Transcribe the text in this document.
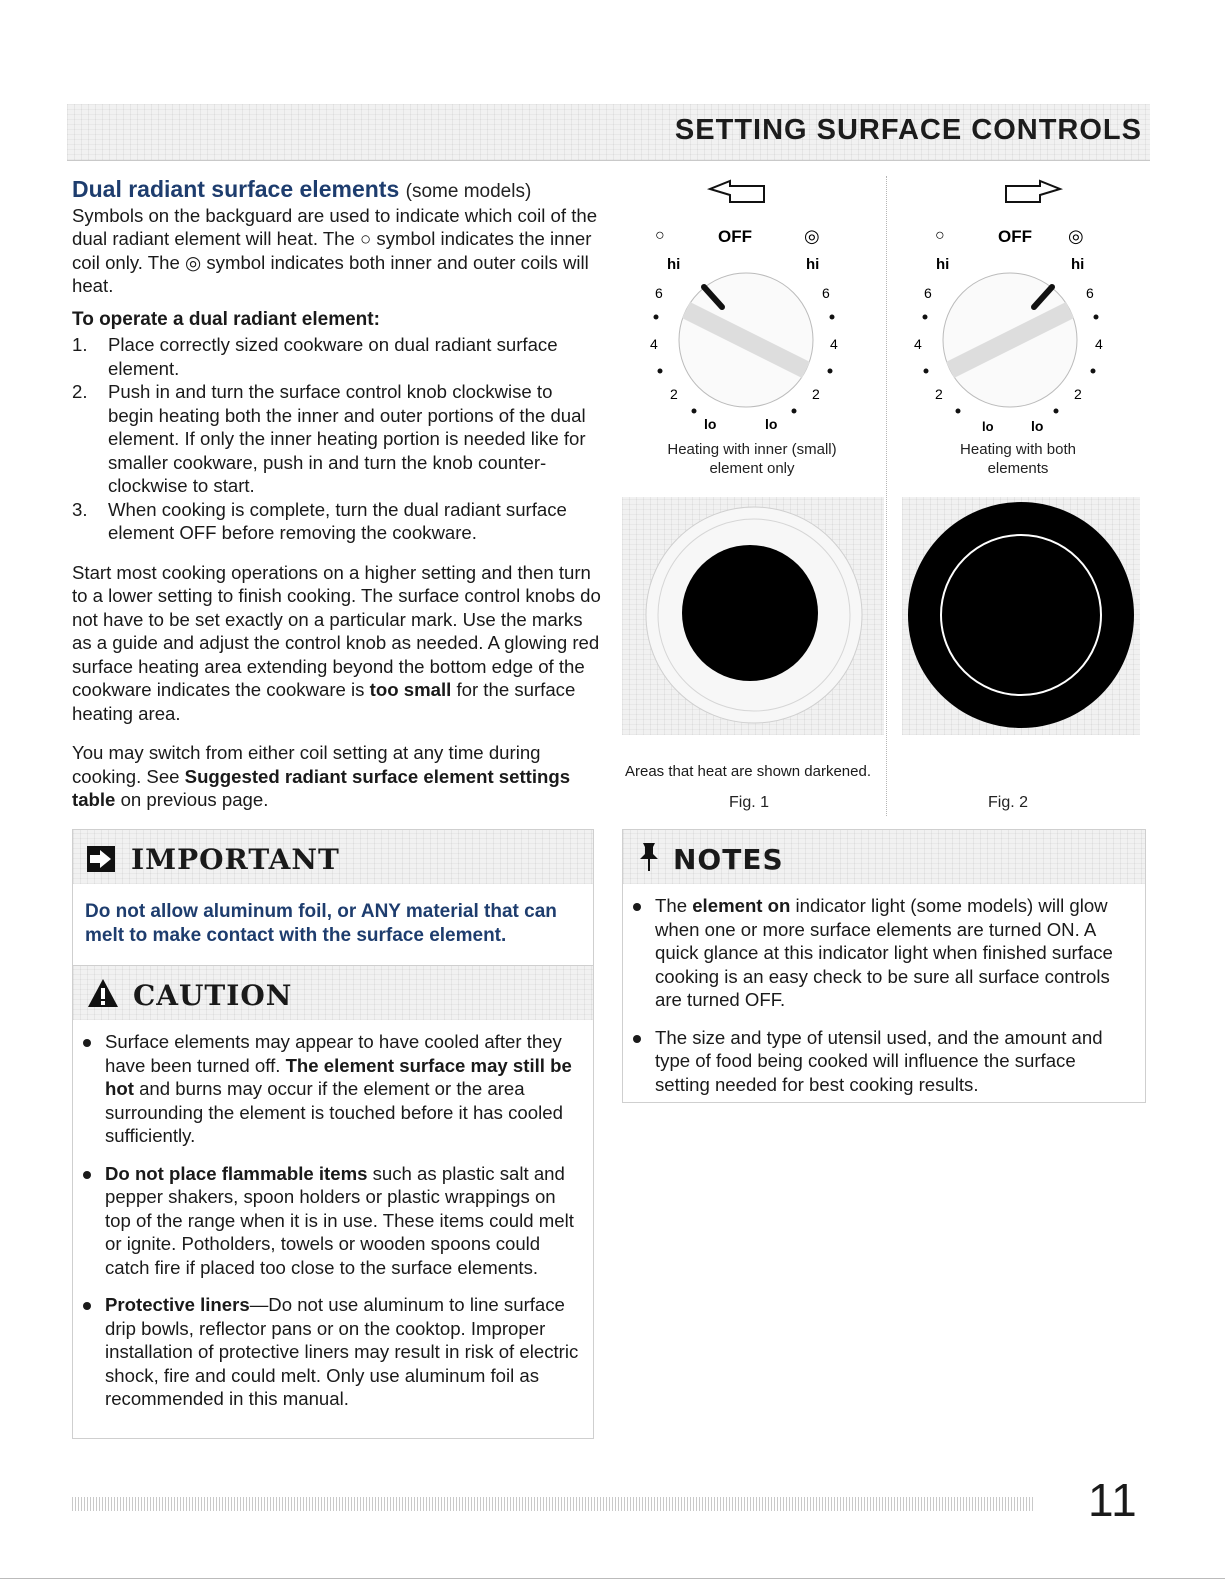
SETTING SURFACE CONTROLS

Dual radiant surface elements (some models)

Symbols on the backguard are used to indicate which coil of the dual radiant element will heat. The ○ symbol indicates the inner coil only. The ◎ symbol indicates both inner and outer coils will heat.

To operate a dual radiant element:
1. Place correctly sized cookware on dual radiant surface element.
2. Push in and turn the surface control knob clockwise to begin heating both the inner and outer portions of the dual element. If only the inner heating portion is needed like for smaller cookware, push in and turn the knob counter-clockwise to start.
3. When cooking is complete, turn the dual radiant surface element OFF before removing the cookware.

Start most cooking operations on a higher setting and then turn to a lower setting to finish cooking. The surface control knobs do not have to be set exactly on a particular mark. Use the marks as a guide and adjust the control knob as needed. A glowing red surface heating area extending beyond the bottom edge of the cookware indicates the cookware is too small for the surface heating area.

You may switch from either coil setting at any time during cooking. See Suggested radiant surface element settings table on previous page.

○	OFF	◎
hi	hi
6	6
4	4
2	2
lo	lo
Heating with inner (small)
element only
○	OFF ◎
hi	hi
6	6
4	4
2	2
lo	lo
Heating with both
elements
Areas that heat are shown darkened.
Fig. 1	Fig. 2
IMPORTANT
Do not allow aluminum foil, or ANY material that can melt to make contact with the surface element.
CAUTION
Surface elements may appear to have cooled after they have been turned off. The element surface may still be hot and burns may occur if the element or the area surrounding the element is touched before it has cooled sufficiently.
Do not place flammable items such as plastic salt and pepper shakers, spoon holders or plastic wrappings on top of the range when it is in use. These items could melt or ignite. Potholders, towels or wooden spoons could catch fire if placed too close to the surface elements.
Protective liners—Do not use aluminum to line surface drip bowls, reflector pans or on the cooktop. Improper installation of protective liners may result in risk of electric shock, fire and could melt. Only use aluminum foil as recommended in this manual.
NOTES
The element on indicator light (some models) will glow when one or more surface elements are turned ON. A quick glance at this indicator light when finished surface cooking is an easy check to be sure all surface controls are turned OFF.
The size and type of utensil used, and the amount and type of food being cooked will influence the surface setting needed for best cooking results.
11
